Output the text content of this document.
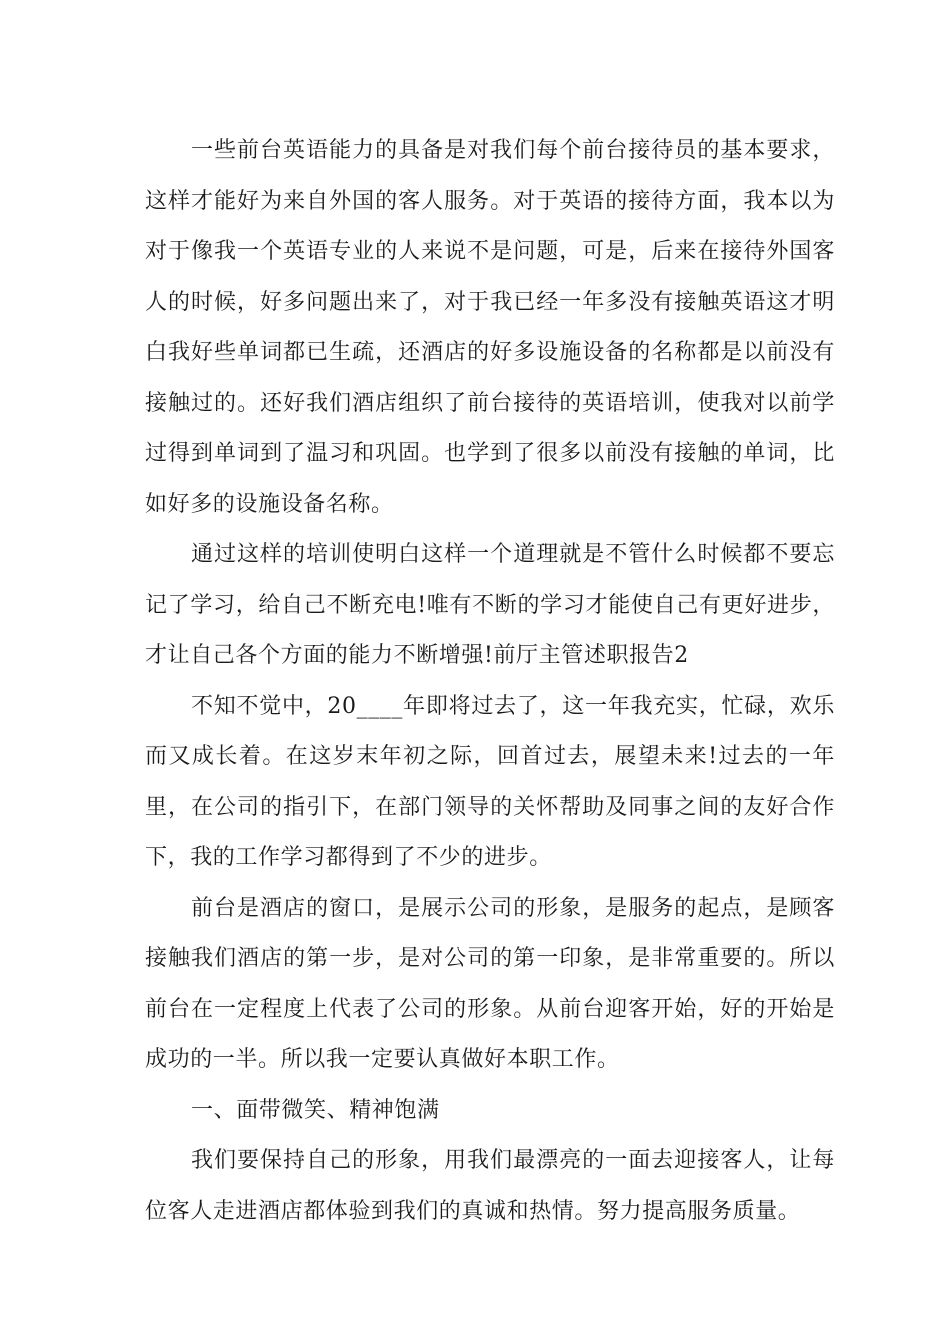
一些前台英语能力的具备是对我们每个前台接待员的基本要求，这样才能好为来自外国的客人服务。对于英语的接待方面，我本以为对于像我一个英语专业的人来说不是问题，可是，后来在接待外国客人的时候，好多问题出来了，对于我已经一年多没有接触英语这才明白我好些单词都已生疏，还酒店的好多设施设备的名称都是以前没有接触过的。还好我们酒店组织了前台接待的英语培训，使我对以前学过得到单词到了温习和巩固。也学到了很多以前没有接触的单词，比如好多的设施设备名称。

通过这样的培训使明白这样一个道理就是不管什么时候都不要忘记了学习，给自己不断充电!唯有不断的学习才能使自己有更好进步，才让自己各个方面的能力不断增强!前厅主管述职报告2

不知不觉中，20____年即将过去了，这一年我充实，忙碌，欢乐而又成长着。在这岁末年初之际，回首过去，展望未来!过去的一年里，在公司的指引下，在部门领导的关怀帮助及同事之间的友好合作下，我的工作学习都得到了不少的进步。

前台是酒店的窗口，是展示公司的形象，是服务的起点，是顾客接触我们酒店的第一步，是对公司的第一印象，是非常重要的。所以前台在一定程度上代表了公司的形象。从前台迎客开始，好的开始是成功的一半。所以我一定要认真做好本职工作。

一、面带微笑、精神饱满

我们要保持自己的形象，用我们最漂亮的一面去迎接客人，让每位客人走进酒店都体验到我们的真诚和热情。努力提高服务质量。
